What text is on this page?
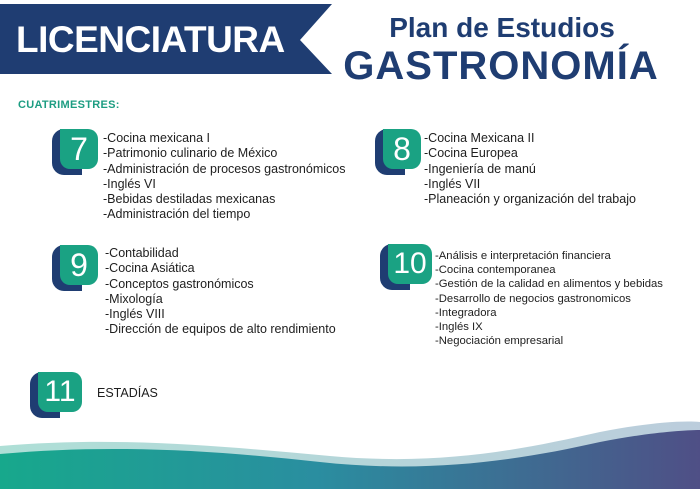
LICENCIATURA	Plan de Estudios
GASTRONOMÍA
CUATRIMESTRES:
7	-Cocina mexicana I
-Patrimonio culinario de México
-Administración de procesos gastronómicos
-Inglés VI
-Bebidas destiladas mexicanas
-Administración del tiempo
8	-Cocina Mexicana II
-Cocina Europea
-Ingeniería de manú
-Inglés VII
-Planeación y organización del trabajo
9	-Contabilidad
-Cocina Asiática
-Conceptos gastronómicos
-Mixología
-Inglés VIII
-Dirección de equipos de alto rendimiento
10 -Análisis e interpretación financiera
-Cocina contemporanea
-Gestión de la calidad en alimentos y bebidas
-Desarrollo de negocios gastronomicos
-Integradora
-Inglés IX
-Negociación empresarial
11	ESTADÍAS
